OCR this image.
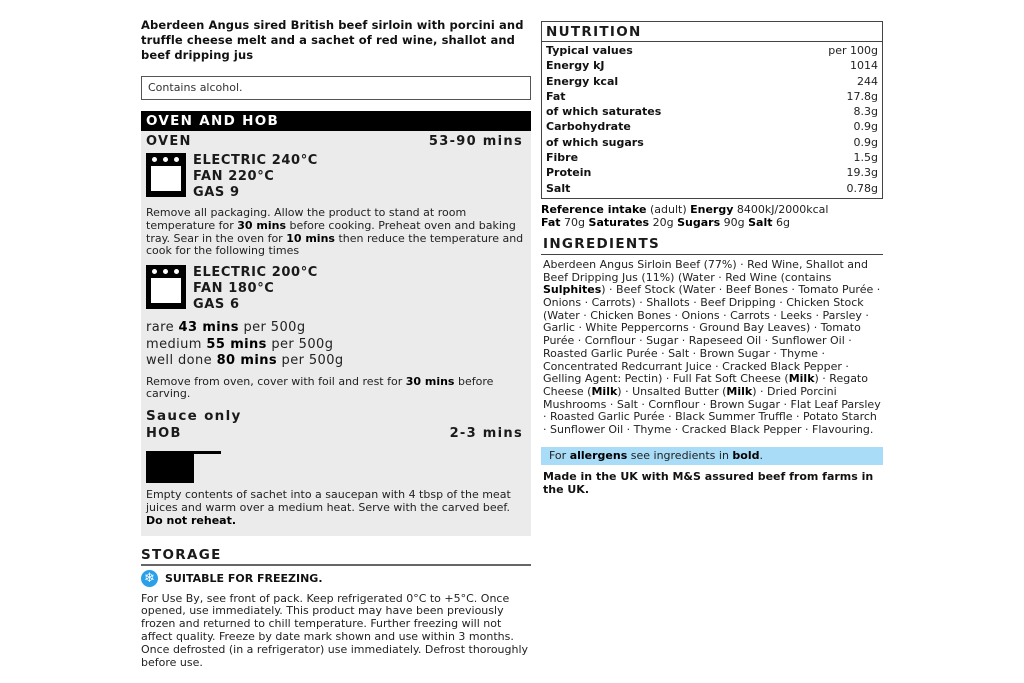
Aberdeen Angus sired British beef sirloin with porcini and truffle cheese melt and a sachet of red wine, shallot and beef dripping jus
Contains alcohol.
OVEN AND HOB
OVEN	53-90 mins
ELECTRIC 240°C
FAN 220°C
GAS 9
Remove all packaging. Allow the product to stand at room temperature for 30 mins before cooking. Preheat oven and baking tray. Sear in the oven for 10 mins then reduce the temperature and cook for the following times
ELECTRIC 200°C
FAN 180°C
GAS 6
rare 43 mins per 500g
medium 55 mins per 500g
well done 80 mins per 500g
Remove from oven, cover with foil and rest for 30 mins before carving.
Sauce only
HOB	2-3 mins
Empty contents of sachet into a saucepan with 4 tbsp of the meat juices and warm over a medium heat. Serve with the carved beef.
Do not reheat.
STORAGE
❄ SUITABLE FOR FREEZING.
For Use By, see front of pack. Keep refrigerated 0°C to +5°C. Once opened, use immediately. This product may have been previously frozen and returned to chill temperature. Further freezing will not affect quality. Freeze by date mark shown and use within 3 months. Once defrosted (in a refrigerator) use immediately. Defrost thoroughly before use.
NUTRITION
Typical values	per 100g
Energy kJ	1014
Energy kcal	244
Fat	17.8g
of which saturates	8.3g
Carbohydrate	0.9g
of which sugars	0.9g
Fibre	1.5g
Protein	19.3g
Salt	0.78g
Reference intake (adult) Energy 8400kJ/2000kcal
Fat 70g Saturates 20g Sugars 90g Salt 6g
INGREDIENTS
Aberdeen Angus Sirloin Beef (77%) · Red Wine, Shallot and Beef Dripping Jus (11%) (Water · Red Wine (contains Sulphites) · Beef Stock (Water · Beef Bones · Tomato Purée · Onions · Carrots) · Shallots · Beef Dripping · Chicken Stock (Water · Chicken Bones · Onions · Carrots · Leeks · Parsley · Garlic · White Peppercorns · Ground Bay Leaves) · Tomato Purée · Cornflour · Sugar · Rapeseed Oil · Sunflower Oil · Roasted Garlic Purée · Salt · Brown Sugar · Thyme · Concentrated Redcurrant Juice · Cracked Black Pepper · Gelling Agent: Pectin) · Full Fat Soft Cheese (Milk) · Regato Cheese (Milk) · Unsalted Butter (Milk) · Dried Porcini Mushrooms · Salt · Cornflour · Brown Sugar · Flat Leaf Parsley · Roasted Garlic Purée · Black Summer Truffle · Potato Starch · Sunflower Oil · Thyme · Cracked Black Pepper · Flavouring.
For allergens see ingredients in bold.
Made in the UK with M&S assured beef from farms in the UK.
